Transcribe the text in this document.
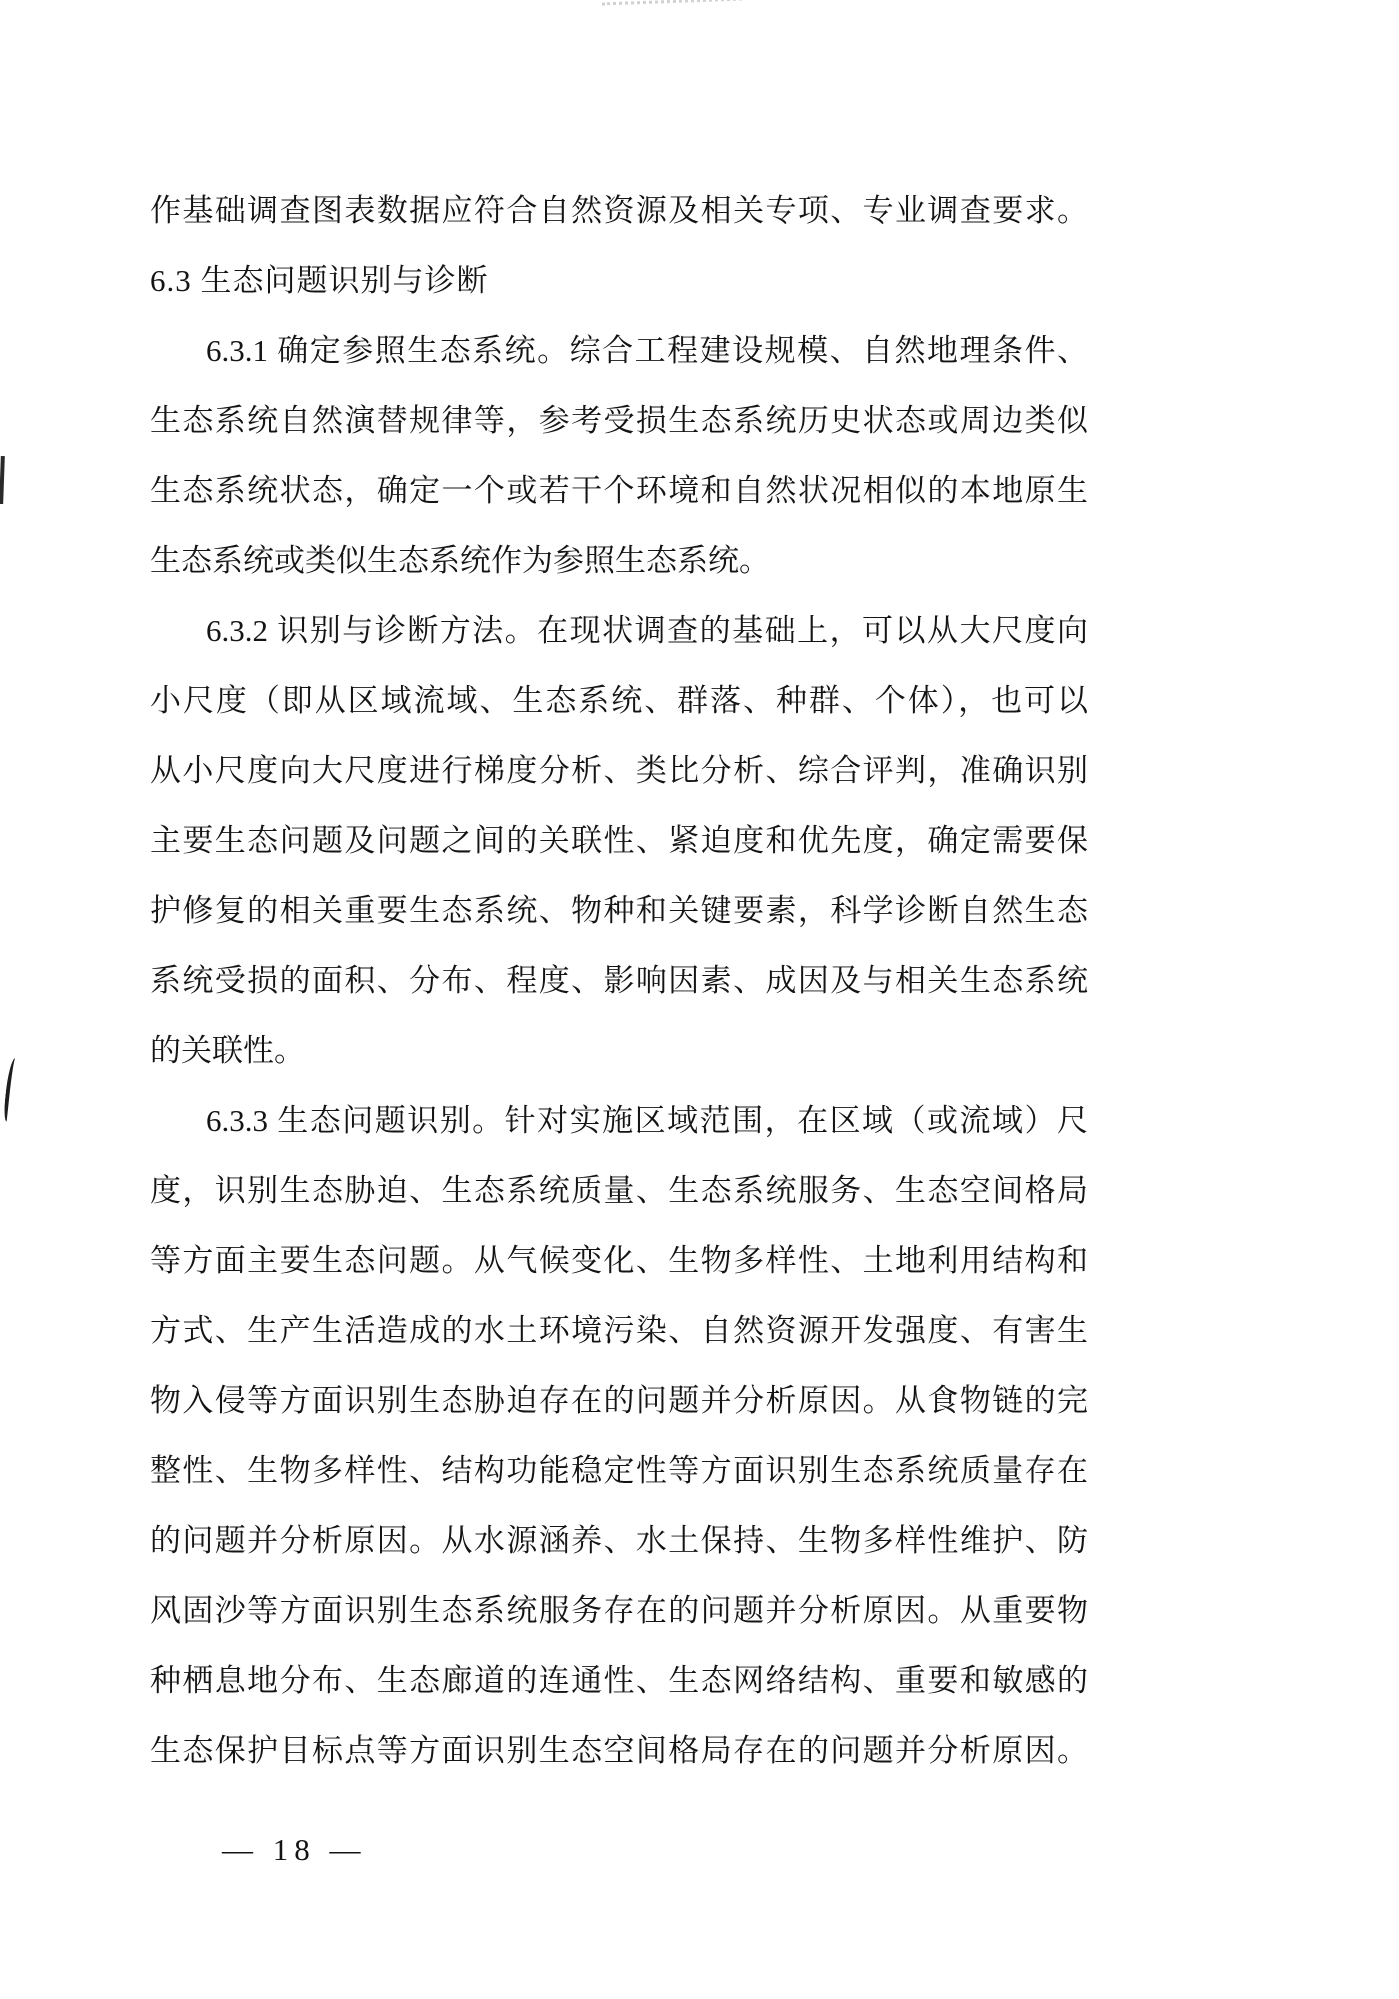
作基础调查图表数据应符合自然资源及相关专项、专业调查要求。
6.3 生态问题识别与诊断
6.3.1 确定参照生态系统。综合工程建设规模、自然地理条件、
生态系统自然演替规律等，参考受损生态系统历史状态或周边类似
生态系统状态，确定一个或若干个环境和自然状况相似的本地原生
生态系统或类似生态系统作为参照生态系统。
6.3.2 识别与诊断方法。在现状调查的基础上，可以从大尺度向
小尺度（即从区域流域、生态系统、群落、种群、个体），也可以
从小尺度向大尺度进行梯度分析、类比分析、综合评判，准确识别
主要生态问题及问题之间的关联性、紧迫度和优先度，确定需要保
护修复的相关重要生态系统、物种和关键要素，科学诊断自然生态
系统受损的面积、分布、程度、影响因素、成因及与相关生态系统
的关联性。
6.3.3 生态问题识别。针对实施区域范围，在区域（或流域）尺
度，识别生态胁迫、生态系统质量、生态系统服务、生态空间格局
等方面主要生态问题。从气候变化、生物多样性、土地利用结构和
方式、生产生活造成的水土环境污染、自然资源开发强度、有害生
物入侵等方面识别生态胁迫存在的问题并分析原因。从食物链的完
整性、生物多样性、结构功能稳定性等方面识别生态系统质量存在
的问题并分析原因。从水源涵养、水土保持、生物多样性维护、防
风固沙等方面识别生态系统服务存在的问题并分析原因。从重要物
种栖息地分布、生态廊道的连通性、生态网络结构、重要和敏感的
生态保护目标点等方面识别生态空间格局存在的问题并分析原因。
— 18 —
